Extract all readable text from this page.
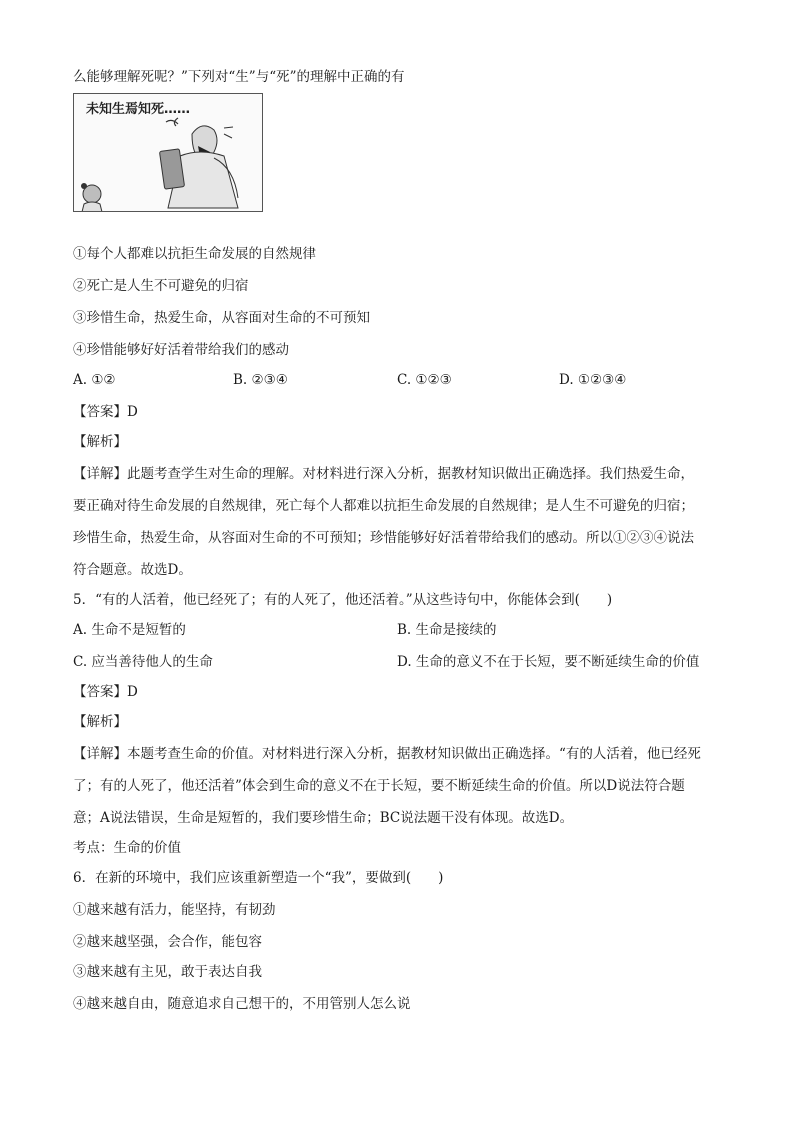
么能够理解死呢？”下列对“生”与“死”的理解中正确的有
未知生焉知死……
①每个人都难以抗拒生命发展的自然规律
②死亡是人生不可避免的归宿
③珍惜生命，热爱生命，从容面对生命的不可预知
④珍惜能够好好活着带给我们的感动
A. ①②	B. ②③④	C. ①②③	D. ①②③④
【答案】D
【解析】
【详解】此题考查学生对生命的理解。对材料进行深入分析，据教材知识做出正确选择。我们热爱生命，
要正确对待生命发展的自然规律，死亡每个人都难以抗拒生命发展的自然规律；是人生不可避免的归宿；
珍惜生命，热爱生命，从容面对生命的不可预知；珍惜能够好好活着带给我们的感动。所以①②③④说法
符合题意。故选D。
5．“有的人活着，他已经死了；有的人死了，他还活着。”从这些诗句中，你能体会到(　　)
A. 生命不是短暂的	B. 生命是接续的
C. 应当善待他人的生命	D. 生命的意义不在于长短，要不断延续生命的价值
【答案】D
【解析】
【详解】本题考查生命的价值。对材料进行深入分析，据教材知识做出正确选择。“有的人活着，他已经死
了；有的人死了，他还活着”体会到生命的意义不在于长短，要不断延续生命的价值。所以D说法符合题
意；A说法错误，生命是短暂的，我们要珍惜生命；BC说法题干没有体现。故选D。
考点：生命的价值
6．在新的环境中，我们应该重新塑造一个“我”，要做到(　　)
①越来越有活力，能坚持，有韧劲
②越来越坚强，会合作，能包容
③越来越有主见，敢于表达自我
④越来越自由，随意追求自己想干的，不用管别人怎么说
